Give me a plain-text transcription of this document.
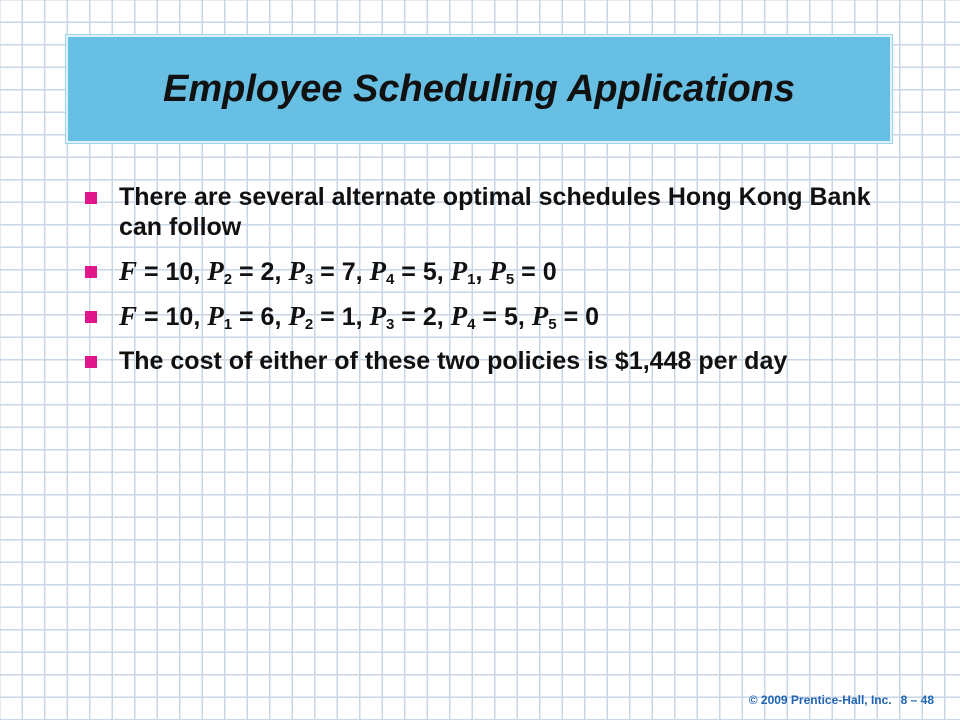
Employee Scheduling Applications
There are several alternate optimal schedules Hong Kong Bank can follow
F = 10, $P_2 = 2$, $P_3 = 7$, $P_4 = 5$, $P_1$, $P_5 = 0$
F = 10, $P_1 = 6$, $P_2 = 1$, $P_3 = 2$, $P_4 = 5$, $P_5 = 0$
The cost of either of these two policies is $1,448 per day
© 2009 Prentice-Hall, Inc. 8 – 48
